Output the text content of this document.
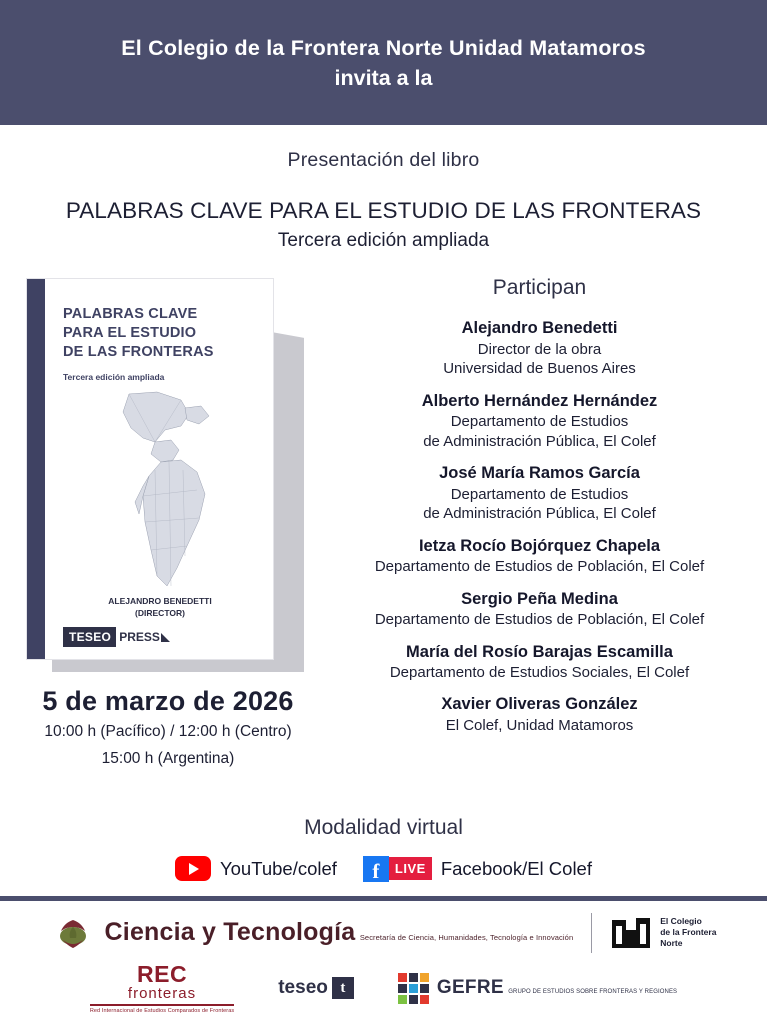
El Colegio de la Frontera Norte Unidad Matamoros
invita a la
Presentación del libro
PALABRAS CLAVE PARA EL ESTUDIO DE LAS FRONTERAS
Tercera edición ampliada
PALABRAS CLAVE
PARA EL ESTUDIO
DE LAS FRONTERAS
Tercera edición ampliada
ALEJANDRO BENEDETTI
(DIRECTOR)
TESEO PRESS
5 de marzo de 2026
10:00 h (Pacífico) / 12:00 h (Centro)
15:00 h (Argentina)
Participan
Alejandro Benedetti
Director de la obra
Universidad de Buenos Aires
Alberto Hernández Hernández
Departamento de Estudios
de Administración Pública, El Colef
José María Ramos García
Departamento de Estudios
de Administración Pública, El Colef
Ietza Rocío Bojórquez Chapela
Departamento de Estudios de Población, El Colef
Sergio Peña Medina
Departamento de Estudios de Población, El Colef
María del Rosío Barajas Escamilla
Departamento de Estudios Sociales, El Colef
Xavier Oliveras González
El Colef, Unidad Matamoros
Modalidad virtual
YouTube/colef	f	LIVE Facebook/El Colef
Ciencia y Tecnología Secretaría de Ciencia, Humanidades, Tecnología e Innovación
El Colegio
de la Frontera
Norte
REC
fronteras
Red Internacional de Estudios Comparados de Fronteras
teseo t	GEFRE GRUPO DE ESTUDIOS SOBRE FRONTERAS Y REGIONES
